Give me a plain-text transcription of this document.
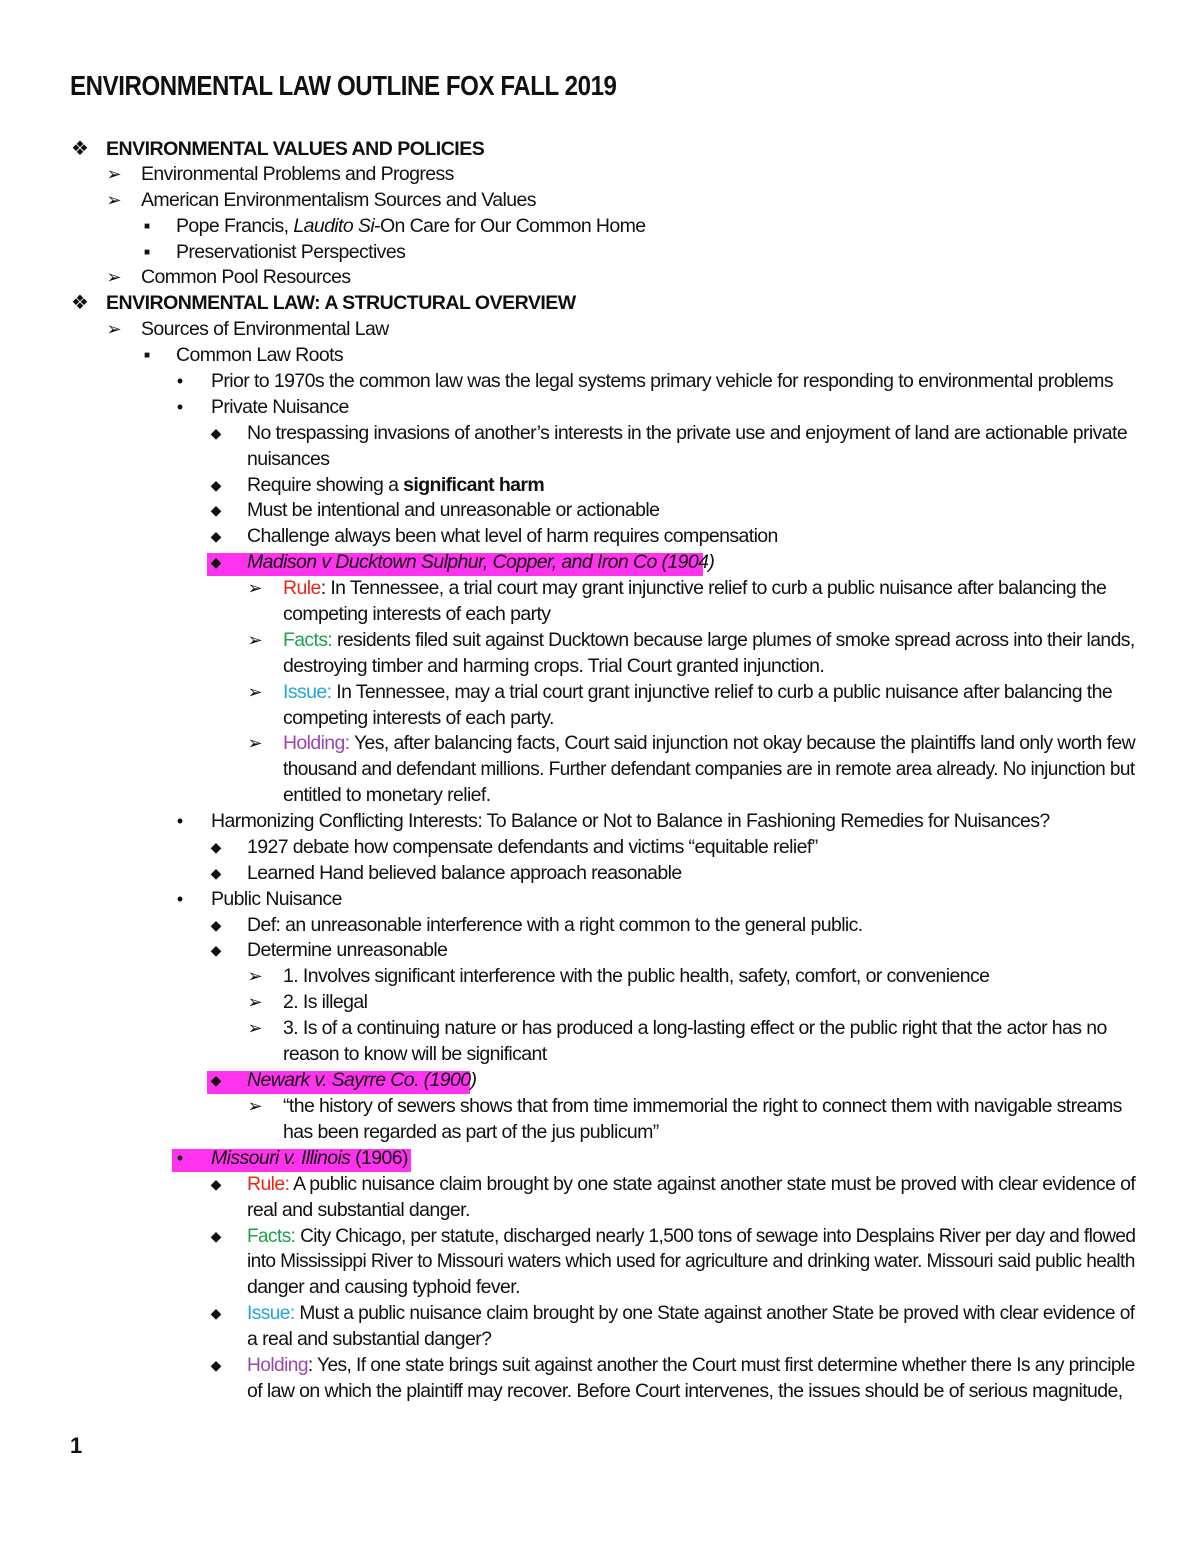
ENVIRONMENTAL LAW OUTLINE FOX FALL 2019
❖ ENVIRONMENTAL VALUES AND POLICIES
➢ Environmental Problems and Progress
➢ American Environmentalism Sources and Values
■	Pope Francis, Laudito Si-On Care for Our Common Home
■	Preservationist Perspectives
➢ Common Pool Resources
❖ ENVIRONMENTAL LAW: A STRUCTURAL OVERVIEW
➢ Sources of Environmental Law
■	Common Law Roots
•	Prior to 1970s the common law was the legal systems primary vehicle for responding to environmental problems
•	Private Nuisance
◆ No trespassing invasions of another’s interests in the private use and enjoyment of land are actionable private
nuisances
◆ Require showing a significant harm
◆ Must be intentional and unreasonable or actionable
◆ Challenge always been what level of harm requires compensation
◆ Madison v Ducktown Sulphur, Copper, and Iron Co (1904)
➢ Rule: In Tennessee, a trial court may grant injunctive relief to curb a public nuisance after balancing the
competing interests of each party
➢ Facts: residents filed suit against Ducktown because large plumes of smoke spread across into their lands,
destroying timber and harming crops. Trial Court granted injunction.
➢ Issue: In Tennessee, may a trial court grant injunctive relief to curb a public nuisance after balancing the
competing interests of each party.
➢ Holding: Yes, after balancing facts, Court said injunction not okay because the plaintiffs land only worth few
thousand and defendant millions. Further defendant companies are in remote area already. No injunction but
entitled to monetary relief.
•	Harmonizing Conflicting Interests: To Balance or Not to Balance in Fashioning Remedies for Nuisances?
◆ 1927 debate how compensate defendants and victims “equitable relief”
◆ Learned Hand believed balance approach reasonable
•	Public Nuisance
◆ Def: an unreasonable interference with a right common to the general public.
◆ Determine unreasonable
➢ 1. Involves significant interference with the public health, safety, comfort, or convenience
➢ 2. Is illegal
➢ 3. Is of a continuing nature or has produced a long-lasting effect or the public right that the actor has no
reason to know will be significant
◆ Newark v. Sayrre Co. (1900)
➢ “the history of sewers shows that from time immemorial the right to connect them with navigable streams
has been regarded as part of the jus publicum”
•	Missouri v. Illinois (1906)
◆ Rule: A public nuisance claim brought by one state against another state must be proved with clear evidence of
real and substantial danger.
◆ Facts: City Chicago, per statute, discharged nearly 1,500 tons of sewage into Desplains River per day and flowed
into Mississippi River to Missouri waters which used for agriculture and drinking water. Missouri said public health
danger and causing typhoid fever.
◆ Issue: Must a public nuisance claim brought by one State against another State be proved with clear evidence of
a real and substantial danger?
◆ Holding: Yes, If one state brings suit against another the Court must first determine whether there Is any principle
of law on which the plaintiff may recover. Before Court intervenes, the issues should be of serious magnitude,
1
